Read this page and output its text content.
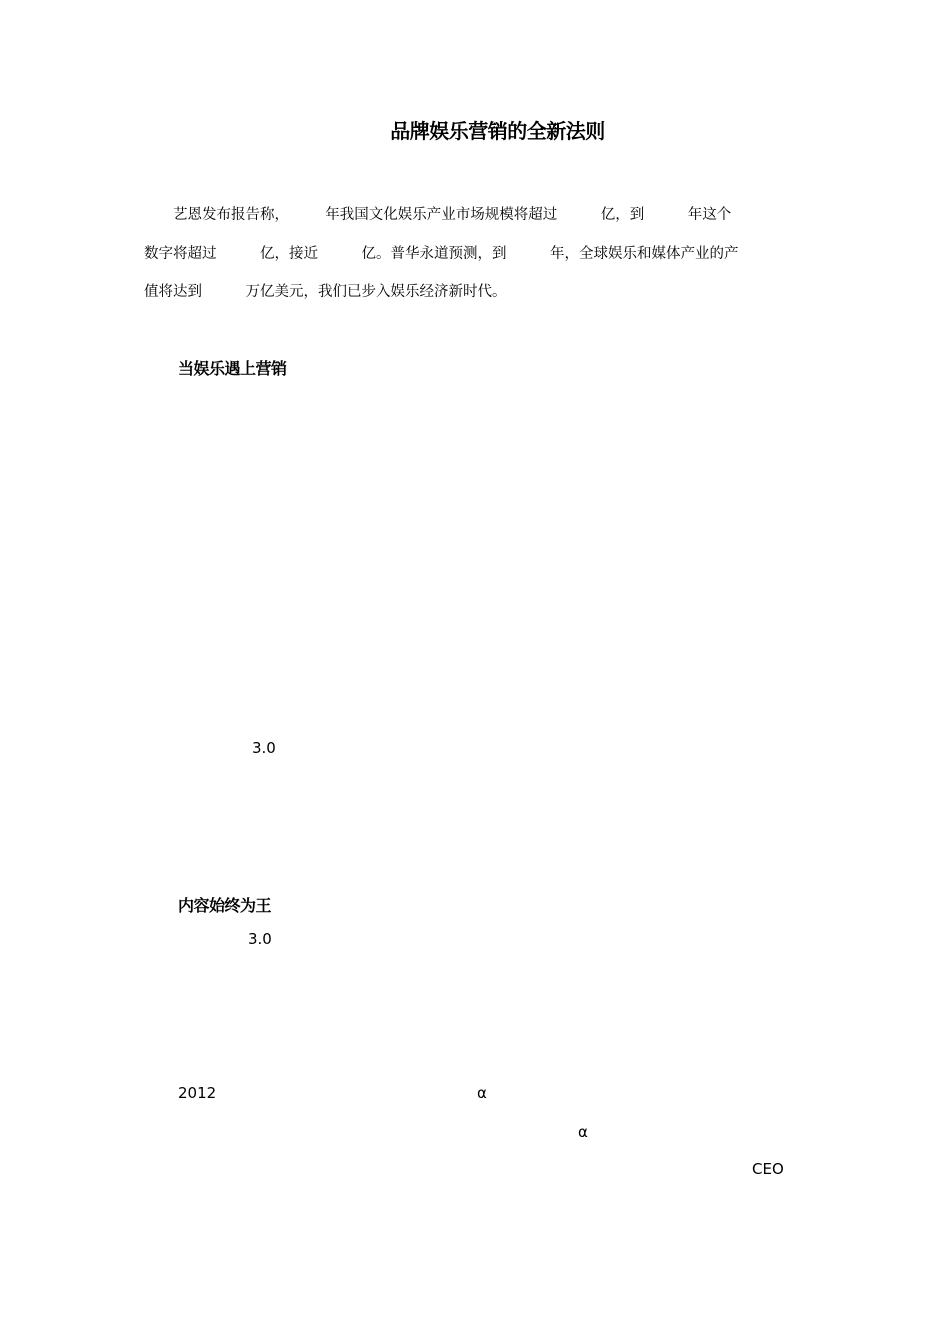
品牌娱乐营销的全新法则
　　艺恩发布报告称，　　　年我国文化娱乐产业市场规模将超过　　　亿，到　　　年这个
数字将超过　　　亿，接近　　　亿。普华永道预测，到　　　年，全球娱乐和媒体产业的产
值将达到　　　万亿美元，我们已步入娱乐经济新时代。
当娱乐遇上营销
3.0
内容始终为王
3.0
2012	α
α
CEO
